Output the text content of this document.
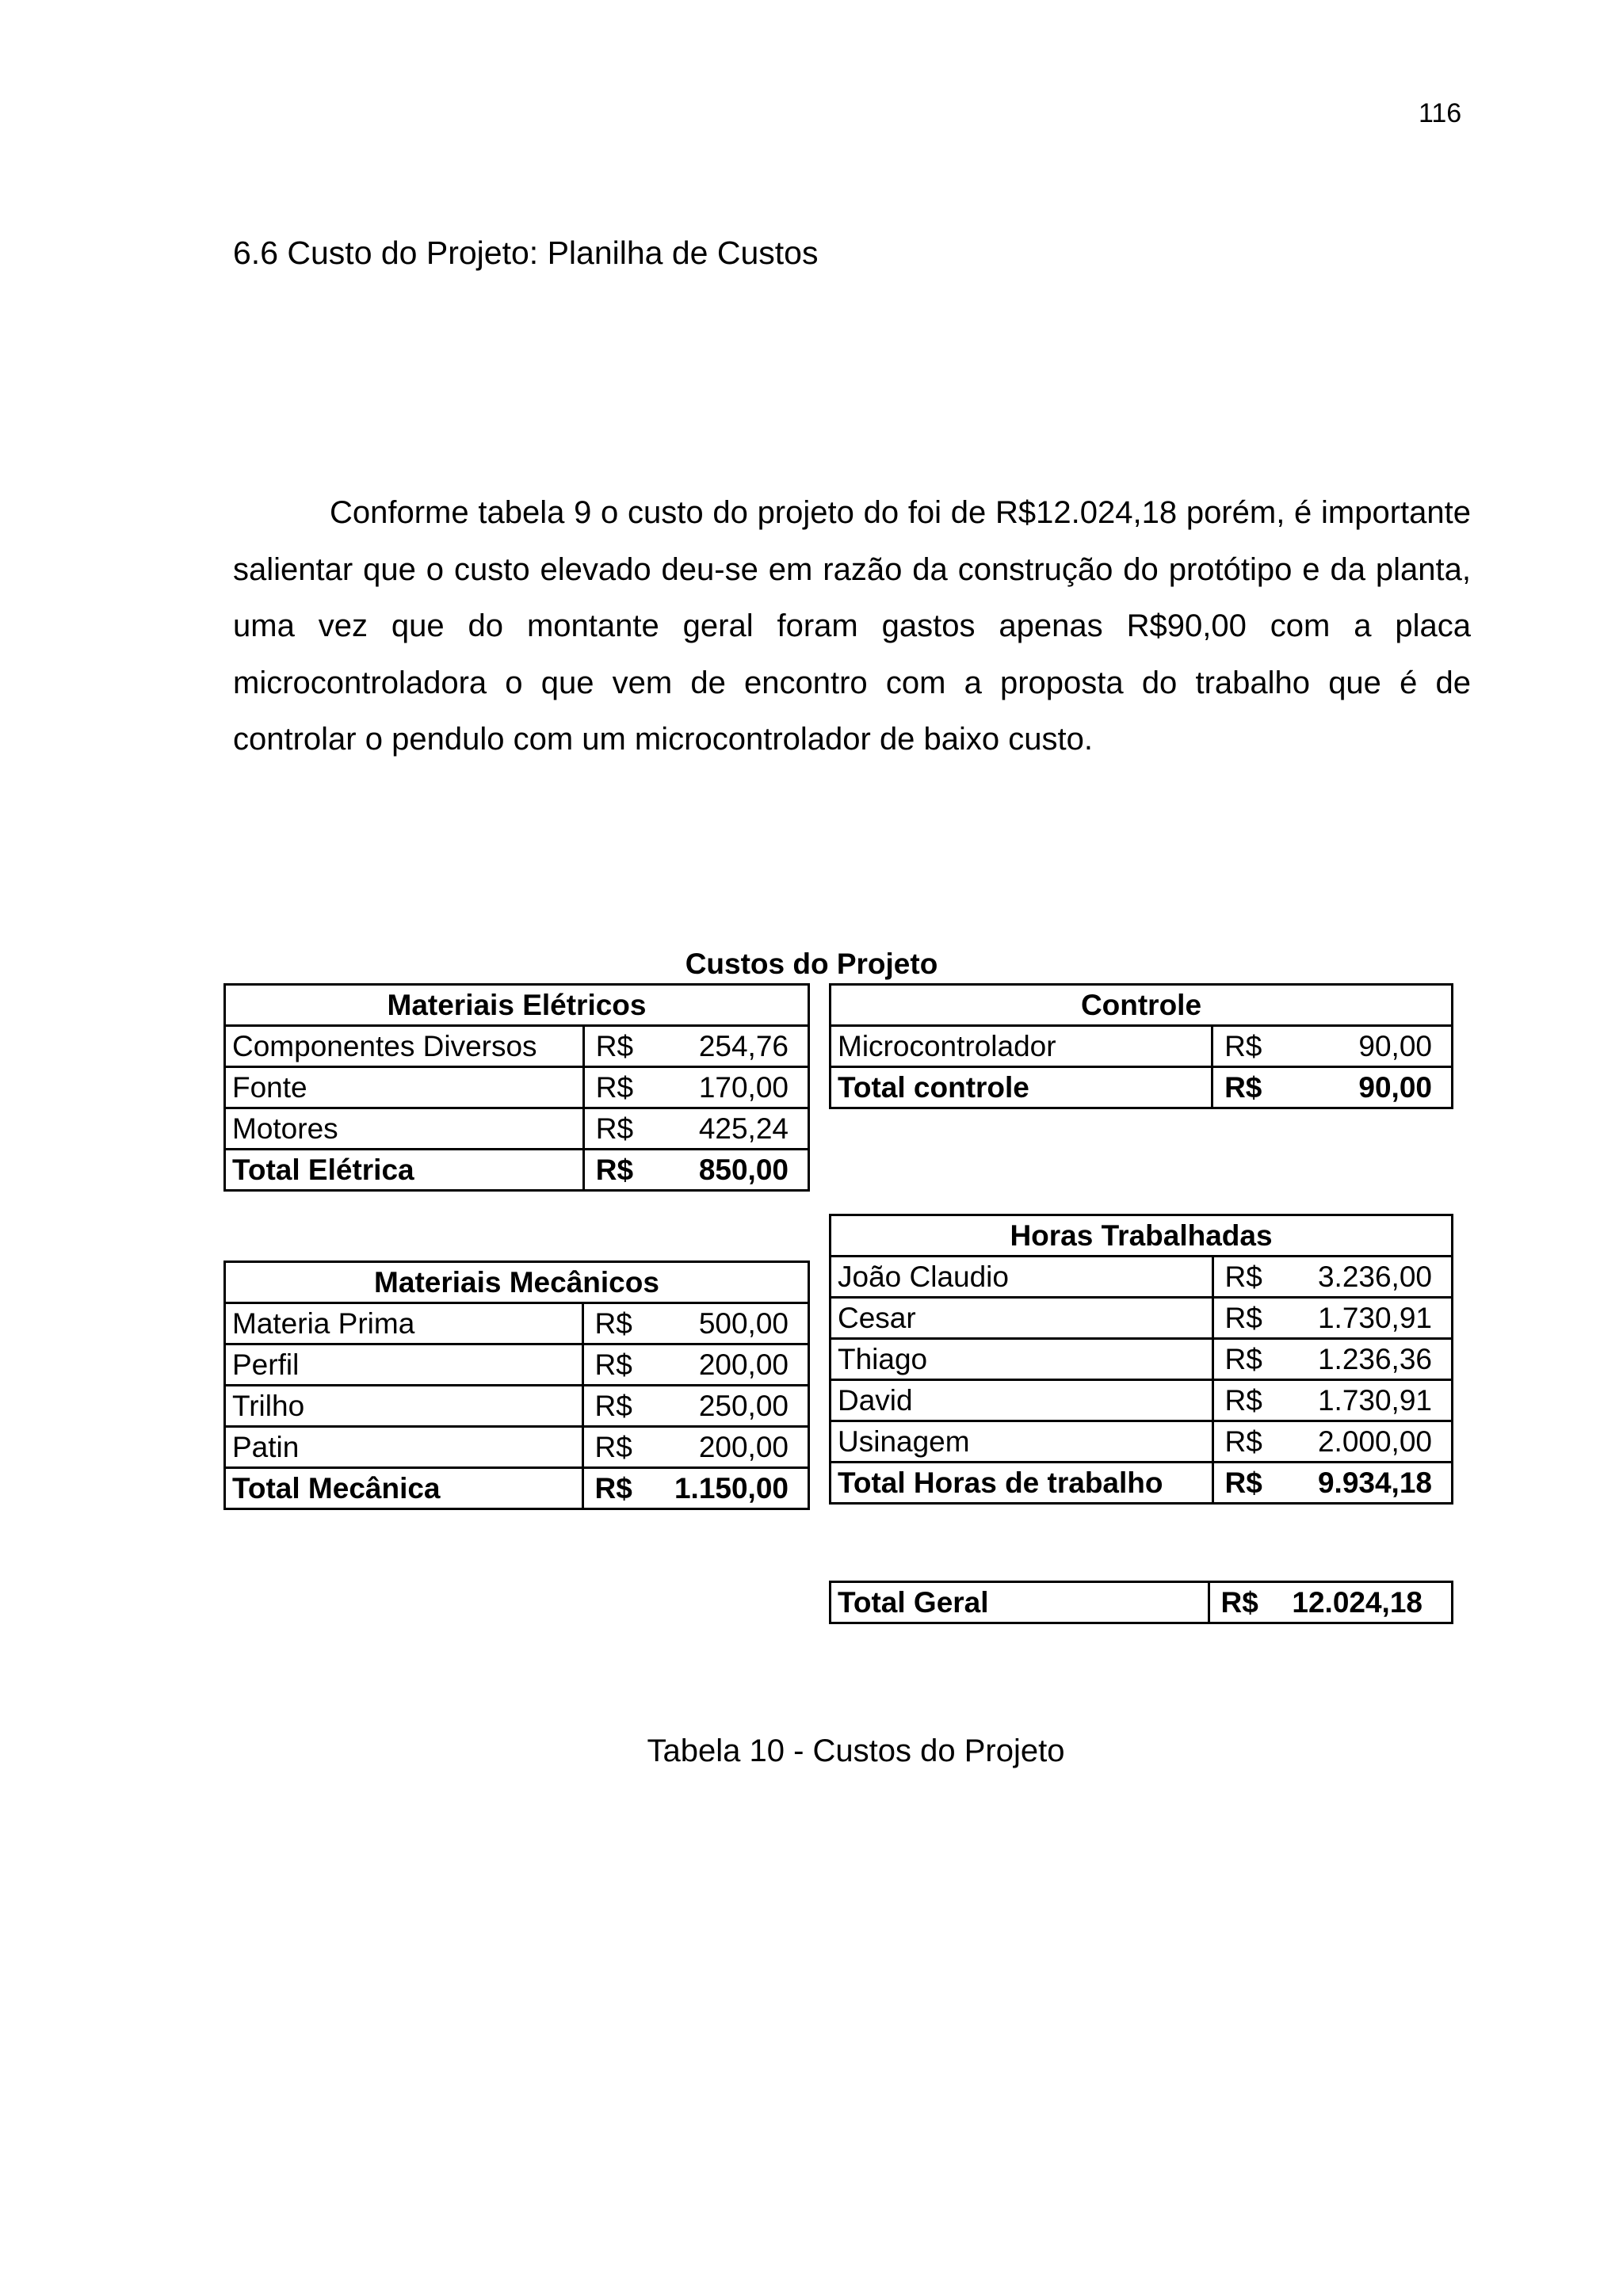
116
6.6 Custo do Projeto: Planilha de Custos

Conforme tabela 9 o custo do projeto do foi de R$12.024,18 porém, é importante salientar que o custo elevado deu-se em razão da construção do protótipo e da planta, uma vez que do montante geral foram gastos apenas R$90,00 com a placa microcontroladora o que vem de encontro com a proposta do trabalho que é de controlar o pendulo com um microcontrolador de baixo custo.

Custos do Projeto
Materiais Elétricos		
Componentes Diversos	R$	254,76
Fonte	R$	170,00
Motores	R$	425,24
Total Elétrica	R$	850,00
Controle		
Microcontrolador	R$	90,00
Total controle	R$	90,00
Materiais Mecânicos		
Materia Prima	R$	500,00
Perfil	R$	200,00
Trilho	R$	250,00
Patin	R$	200,00
Total Mecânica	R$	1.150,00
Horas Trabalhadas		
João Claudio	R$	3.236,00
Cesar	R$	1.730,91
Thiago	R$	1.236,36
David	R$	1.730,91
Usinagem	R$	2.000,00
Total Horas de trabalho	R$	9.934,18
Total Geral	R$	12.024,18
Tabela 10 - Custos do Projeto
